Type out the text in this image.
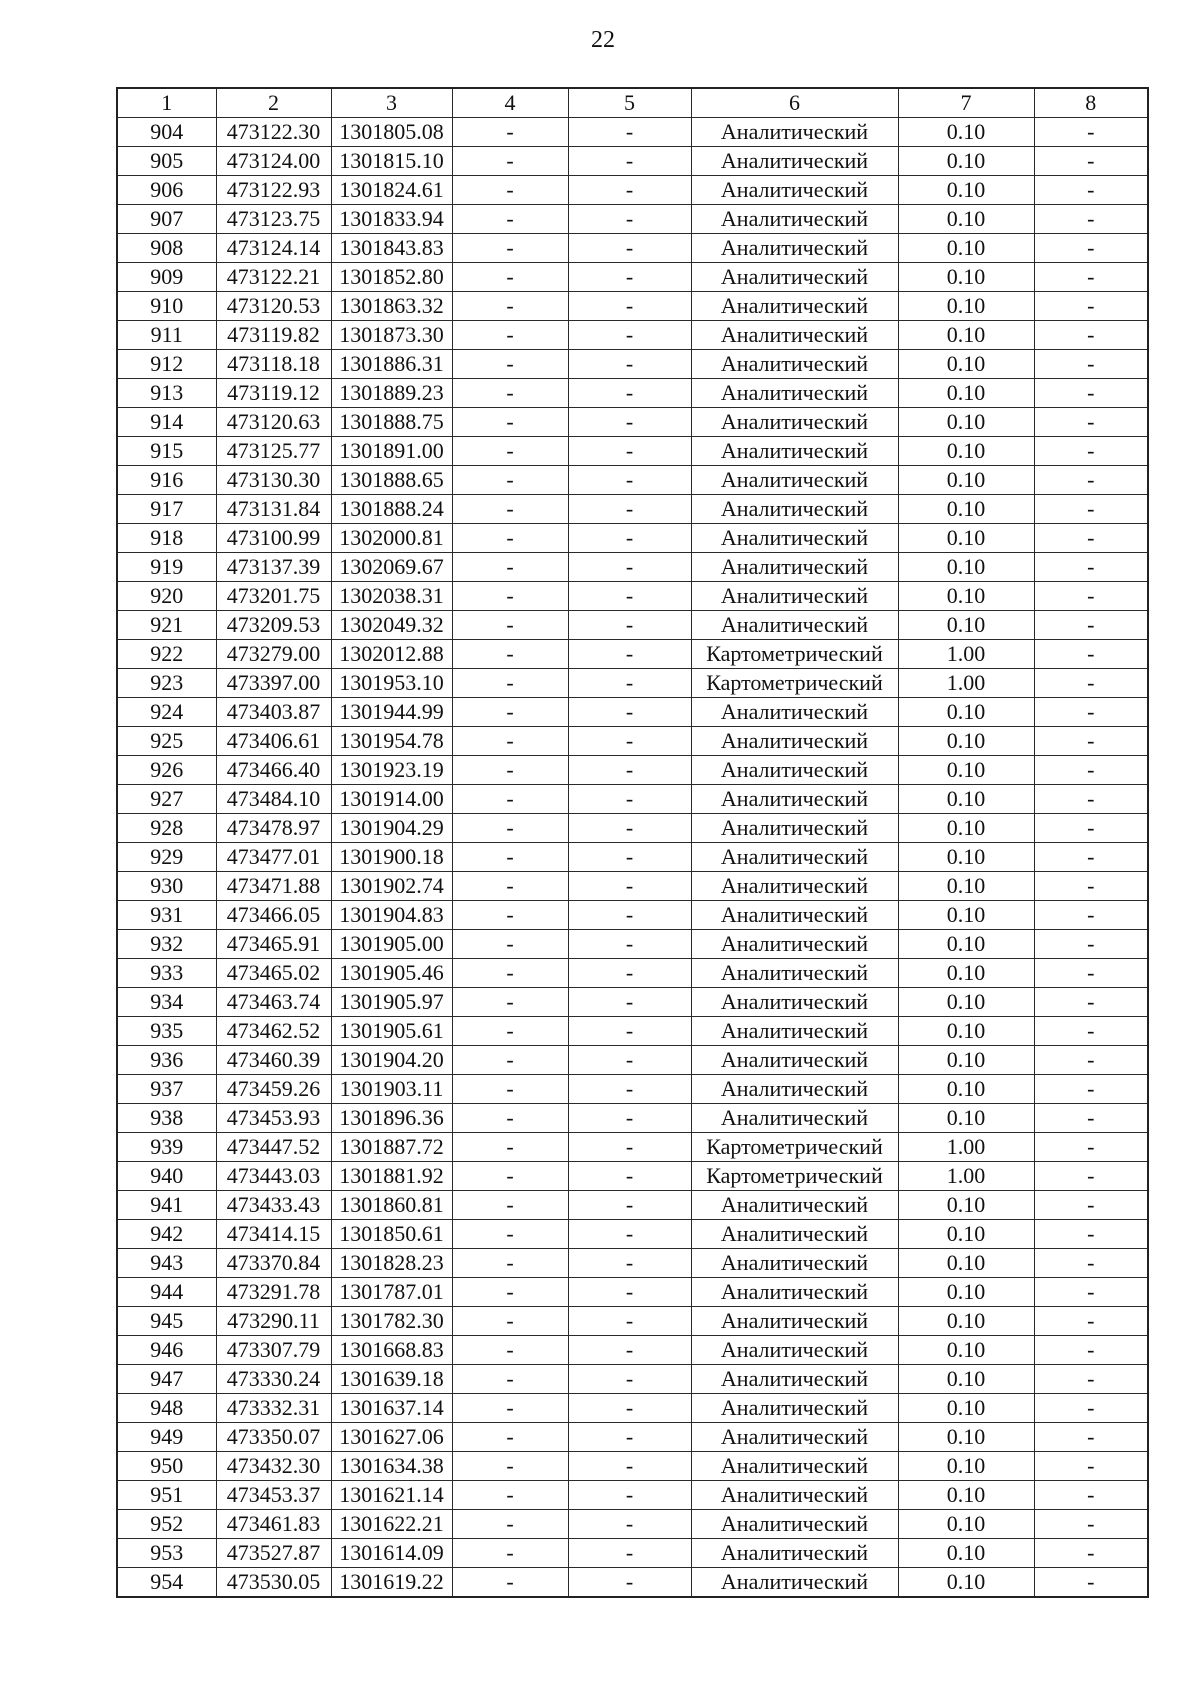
22
1	2	3	4	5	6	7	8
904	473122.30	1301805.08	-	-	Аналитический	0.10	-
905	473124.00	1301815.10	-	-	Аналитический	0.10	-
906	473122.93	1301824.61	-	-	Аналитический	0.10	-
907	473123.75	1301833.94	-	-	Аналитический	0.10	-
908	473124.14	1301843.83	-	-	Аналитический	0.10	-
909	473122.21	1301852.80	-	-	Аналитический	0.10	-
910	473120.53	1301863.32	-	-	Аналитический	0.10	-
911	473119.82	1301873.30	-	-	Аналитический	0.10	-
912	473118.18	1301886.31	-	-	Аналитический	0.10	-
913	473119.12	1301889.23	-	-	Аналитический	0.10	-
914	473120.63	1301888.75	-	-	Аналитический	0.10	-
915	473125.77	1301891.00	-	-	Аналитический	0.10	-
916	473130.30	1301888.65	-	-	Аналитический	0.10	-
917	473131.84	1301888.24	-	-	Аналитический	0.10	-
918	473100.99	1302000.81	-	-	Аналитический	0.10	-
919	473137.39	1302069.67	-	-	Аналитический	0.10	-
920	473201.75	1302038.31	-	-	Аналитический	0.10	-
921	473209.53	1302049.32	-	-	Аналитический	0.10	-
922	473279.00	1302012.88	-	-	Картометрический	1.00	-
923	473397.00	1301953.10	-	-	Картометрический	1.00	-
924	473403.87	1301944.99	-	-	Аналитический	0.10	-
925	473406.61	1301954.78	-	-	Аналитический	0.10	-
926	473466.40	1301923.19	-	-	Аналитический	0.10	-
927	473484.10	1301914.00	-	-	Аналитический	0.10	-
928	473478.97	1301904.29	-	-	Аналитический	0.10	-
929	473477.01	1301900.18	-	-	Аналитический	0.10	-
930	473471.88	1301902.74	-	-	Аналитический	0.10	-
931	473466.05	1301904.83	-	-	Аналитический	0.10	-
932	473465.91	1301905.00	-	-	Аналитический	0.10	-
933	473465.02	1301905.46	-	-	Аналитический	0.10	-
934	473463.74	1301905.97	-	-	Аналитический	0.10	-
935	473462.52	1301905.61	-	-	Аналитический	0.10	-
936	473460.39	1301904.20	-	-	Аналитический	0.10	-
937	473459.26	1301903.11	-	-	Аналитический	0.10	-
938	473453.93	1301896.36	-	-	Аналитический	0.10	-
939	473447.52	1301887.72	-	-	Картометрический	1.00	-
940	473443.03	1301881.92	-	-	Картометрический	1.00	-
941	473433.43	1301860.81	-	-	Аналитический	0.10	-
942	473414.15	1301850.61	-	-	Аналитический	0.10	-
943	473370.84	1301828.23	-	-	Аналитический	0.10	-
944	473291.78	1301787.01	-	-	Аналитический	0.10	-
945	473290.11	1301782.30	-	-	Аналитический	0.10	-
946	473307.79	1301668.83	-	-	Аналитический	0.10	-
947	473330.24	1301639.18	-	-	Аналитический	0.10	-
948	473332.31	1301637.14	-	-	Аналитический	0.10	-
949	473350.07	1301627.06	-	-	Аналитический	0.10	-
950	473432.30	1301634.38	-	-	Аналитический	0.10	-
951	473453.37	1301621.14	-	-	Аналитический	0.10	-
952	473461.83	1301622.21	-	-	Аналитический	0.10	-
953	473527.87	1301614.09	-	-	Аналитический	0.10	-
954	473530.05	1301619.22	-	-	Аналитический	0.10	-
